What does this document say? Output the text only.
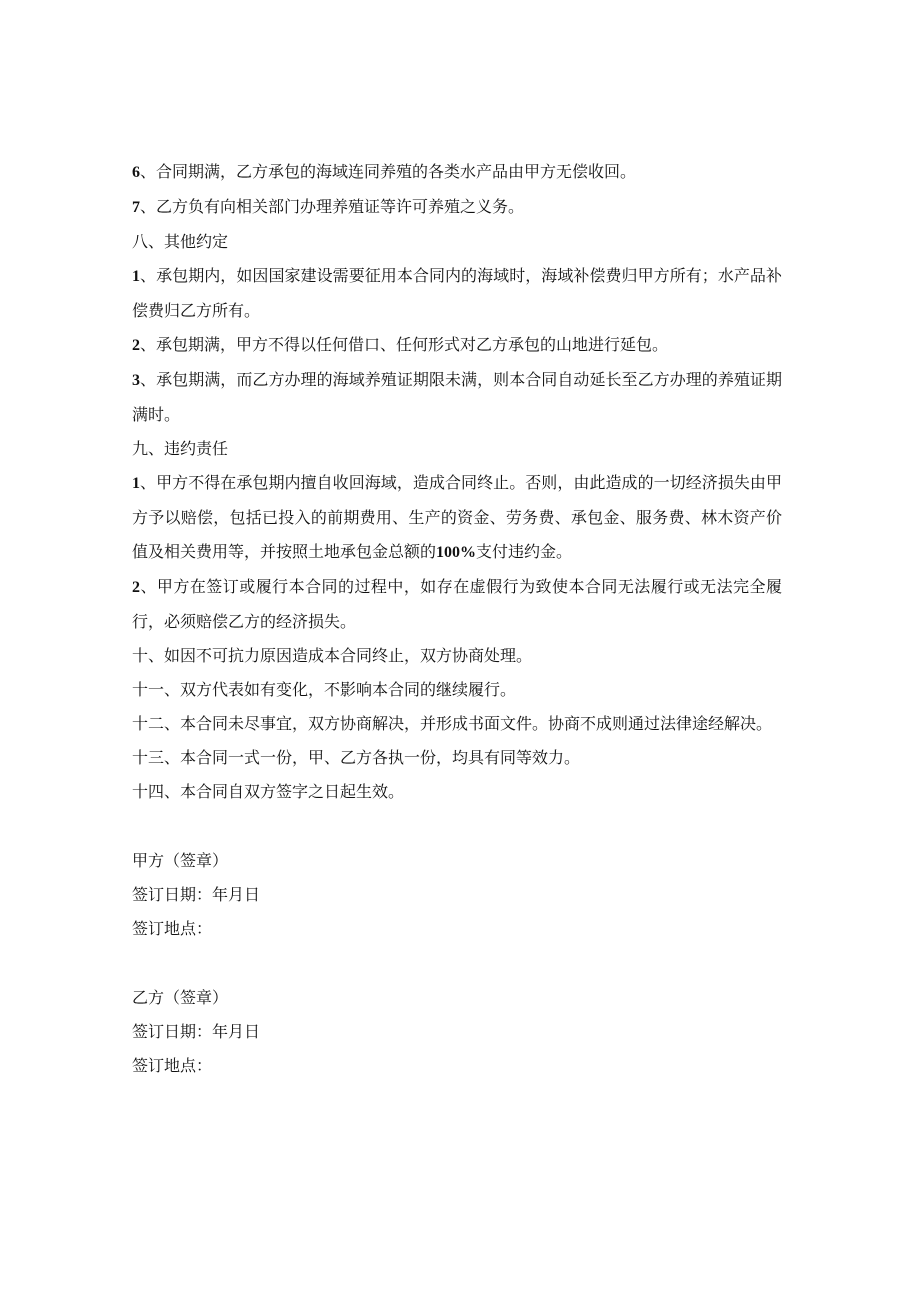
6、合同期满，乙方承包的海域连同养殖的各类水产品由甲方无偿收回。

7、乙方负有向相关部门办理养殖证等许可养殖之义务。

八、其他约定

1、承包期内，如因国家建设需要征用本合同内的海域时，海域补偿费归甲方所有；水产品补偿费归乙方所有。

2、承包期满，甲方不得以任何借口、任何形式对乙方承包的山地进行延包。

3、承包期满，而乙方办理的海域养殖证期限未满，则本合同自动延长至乙方办理的养殖证期满时。

九、违约责任

1、甲方不得在承包期内擅自收回海域，造成合同终止。否则，由此造成的一切经济损失由甲方予以赔偿，包括已投入的前期费用、生产的资金、劳务费、承包金、服务费、林木资产价值及相关费用等，并按照土地承包金总额的100%支付违约金。

2、甲方在签订或履行本合同的过程中，如存在虚假行为致使本合同无法履行或无法完全履行，必须赔偿乙方的经济损失。

十、如因不可抗力原因造成本合同终止，双方协商处理。

十一、双方代表如有变化，不影响本合同的继续履行。

十二、本合同未尽事宜，双方协商解决，并形成书面文件。协商不成则通过法律途经解决。

十三、本合同一式一份，甲、乙方各执一份，均具有同等效力。

十四、本合同自双方签字之日起生效。

甲方（签章）

签订日期：年月日

签订地点：

乙方（签章）

签订日期：年月日

签订地点：
